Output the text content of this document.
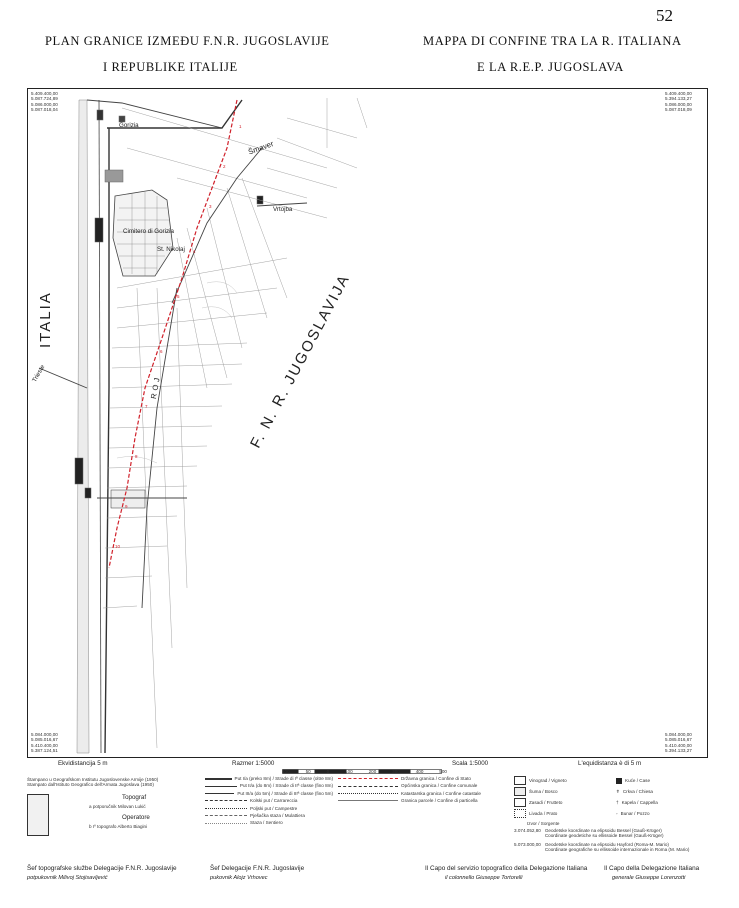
52
PLAN GRANICE IZMEĐU F.N.R. JUGOSLAVIJE
I REPUBLIKE ITALIJE
MAPPA DI CONFINE TRA LA R. ITALIANA
E LA R.E.P. JUGOSLAVA
1
2
3
4
5
6
7
8
9
10
ITALIA	F. N. R. JUGOSLAVIJA
Gorizia
Cimitero di Gorizia
St. Nikolaj
Vrtojba
Šmaver
ROJ
Trieste
5.409.400,00
5.087.724,89
5.086.000,00
5.087.018,04
5.409.400,00
5.394.133,27
5.086.000,00
5.087.018,09
5.084.000,00
5.085.016,67
5.410.400,00
5.387.124,51
5.084.000,00
5.085.016,67
5.410.400,00
5.394.133,27
Ekvidistancija 5 m	Razmer 1:5000
100	50	0	100	200	300	400	500
Scala 1:5000	L'equidistanza è di 5 m
Štampano u Geografskom Institutu Jugoslovenske Armije (1950)
Stampato dall'Istituto Geografico dell'Armata Jugoslava (1950)
Topograf
a potporučnik Milovan Lukić
Operatore
b Iº topografo Alberto Biagini
Put I/a (preko 8m) / Strade di Iª classe (oltre 8m)
Put II/a (do 8m) / Strade di IIª classe (fino 8m)
Put III/a (do 5m) / Strade di IIIª classe (fino 5m)
Kolski put / Carrareccia
Poljski put / Campestre
Pješačka staza / Mulattiera
Staza / Sentiero
Državna granica / Confine di Stato
Općinska granica / Confine comunale
Katastarska granica / Confine catastale
Granica parcele / Confine di particella
Vinograd / Vigneto	Kuće / Case
Šuma / Bosco	✝ Crkva / Chiesa
Zasadi / Frutteto	† Kapela / Cappella
Livada / Prato	◦ Bunar / Pozzo
Izvor / Sorgente
3.074.052,80 Geodetske koordinate na elipsoidu Bessel (Gauß-Krüger)
Coordinate geodetiche su ellissoide Bessel (Gauß-Krüger)
5.073.000,00 Geodetske koordinate na elipsoidu Hayford (Roma-M. Mario)
Coordinate geografiche su ellissoide internazionale in Roma (M. Mario)
Šef topografske službe Delegacije F.N.R. Jugoslavije
potpukovnik Milivoj Stojisavljević
Šef Delegacije F.N.R. Jugoslavije
pukovnik Alojz Vrhovec
Il Capo del servizio topografico della Delegazione Italiana
il colonnello Giuseppe Tortorelli
Il Capo della Delegazione Italiana
generale Giuseppe Lorenzotti
